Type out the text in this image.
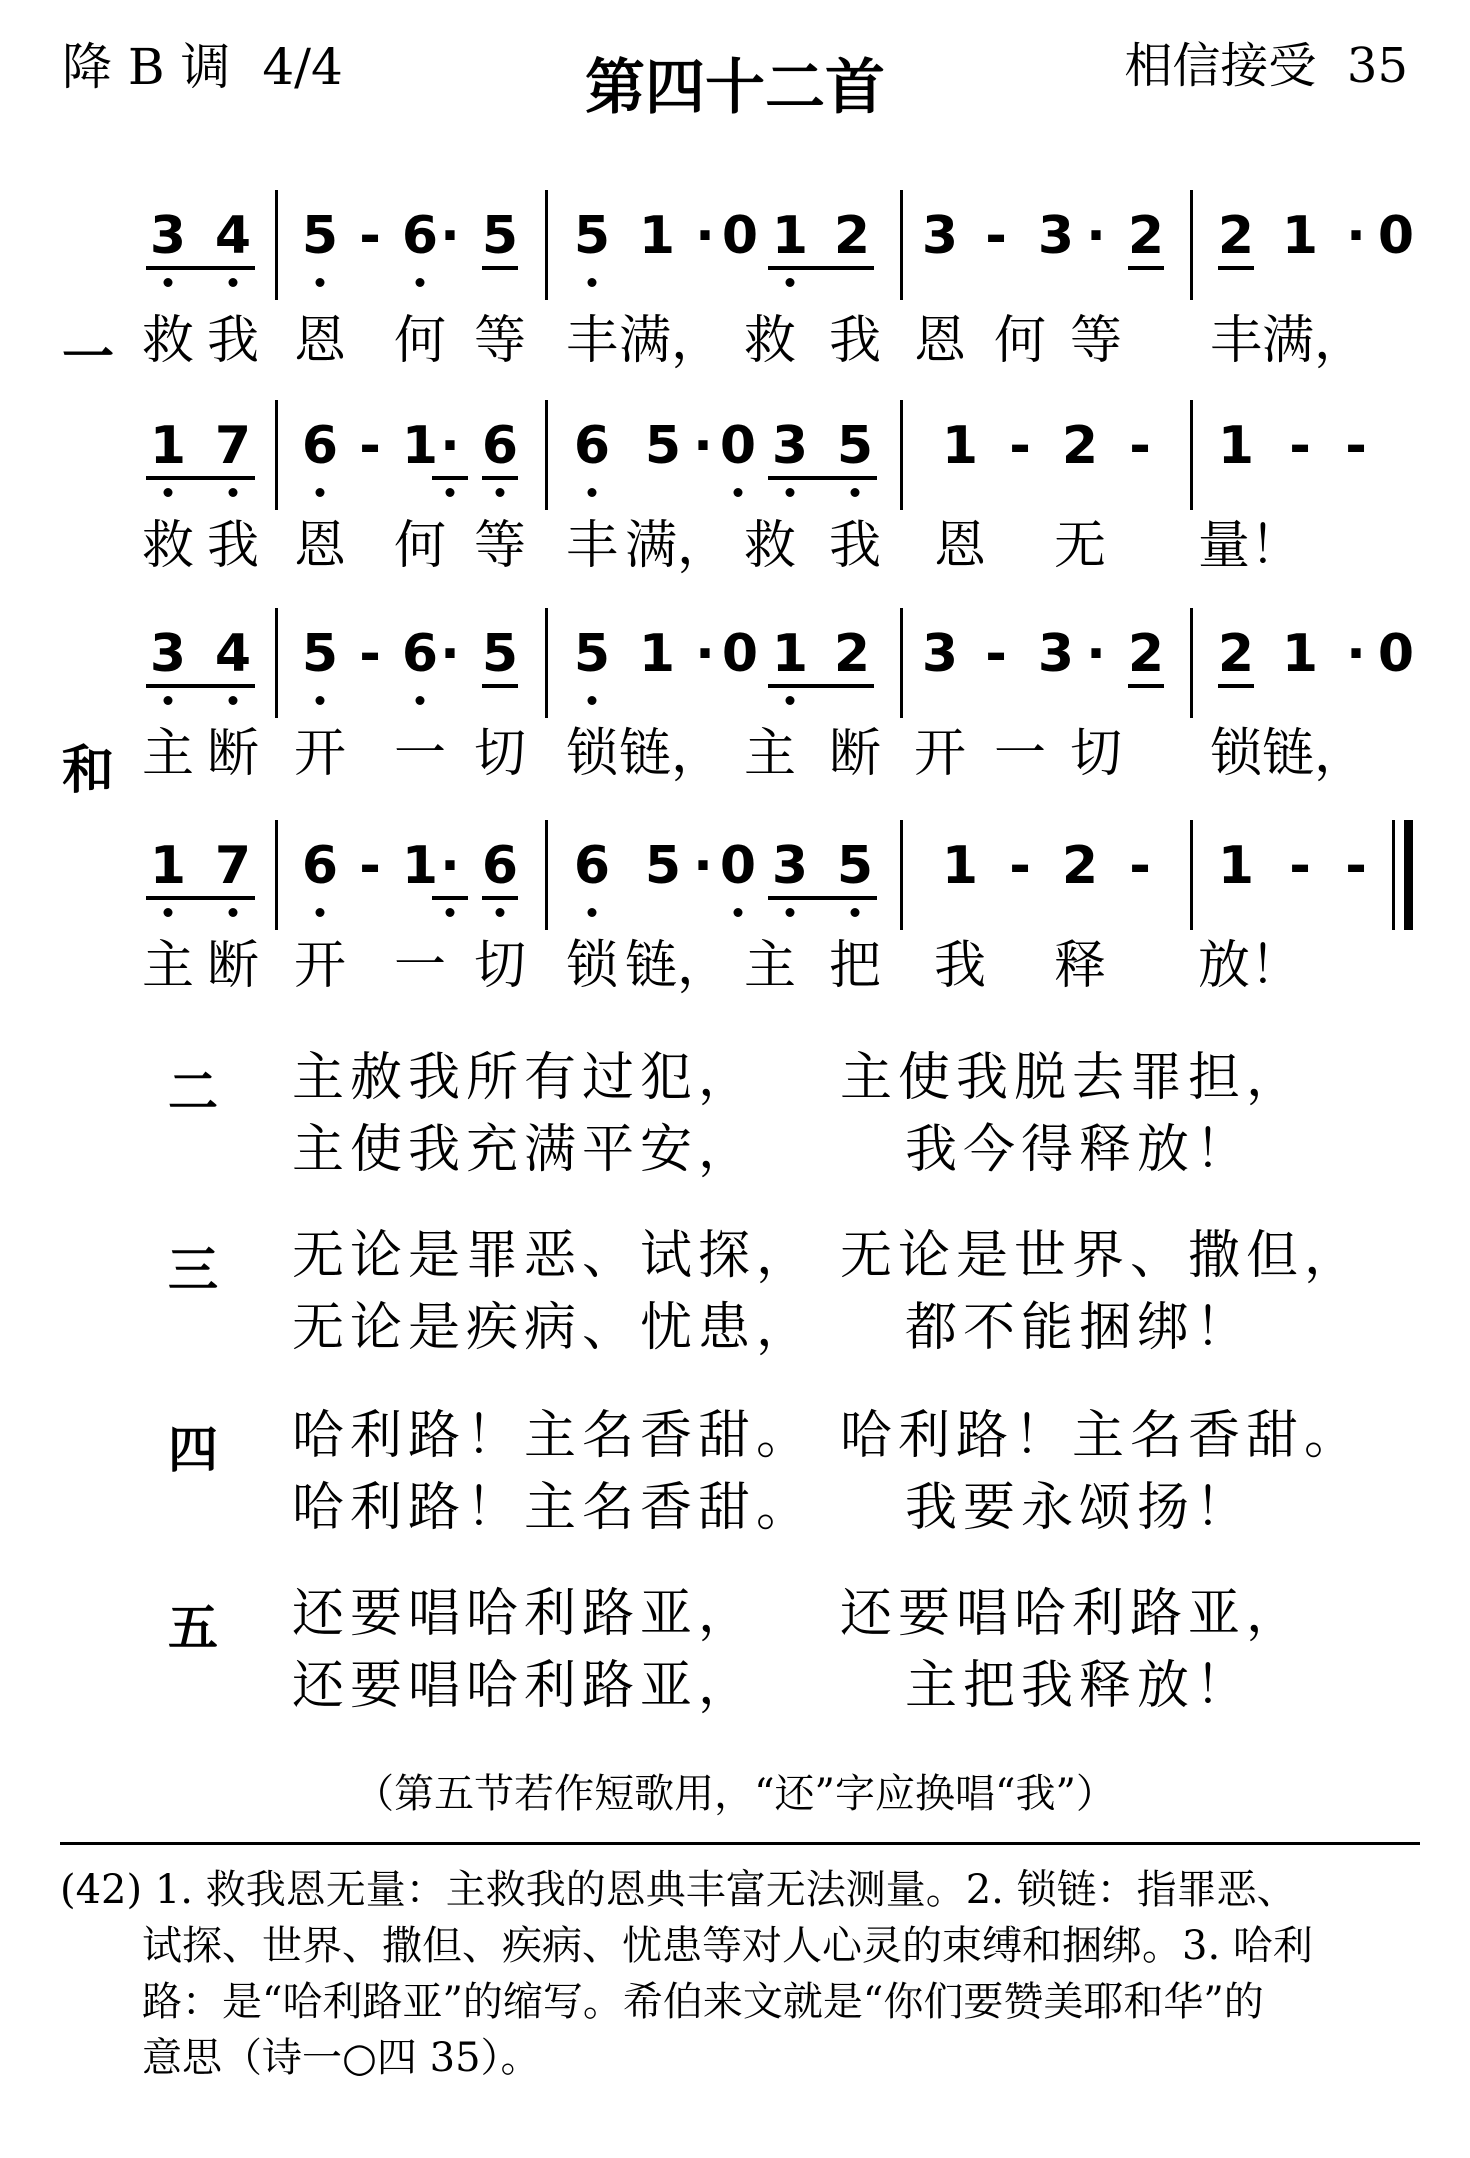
降 B 调  4/4	第四十二首	相信接受  35
3 4 5 - 6 · 5 5 1 · 0 1 2 3 - 3 · 2 2 1 · 0
1 7 6 - 1 · 6 6 5 · 0 3 5 1 - 2 - 1 - -
3 4 5 - 6 · 5 5 1 · 0 1 2 3 - 3 · 2 2 1 · 0
1 7 6 - 1 · 6 6 5 · 0 3 5 1 - 2 - 1 - -
二 主赦我所有过犯， 主使我脱去罪担，
主使我充满平安，	我今得释放！
三 无论是罪恶、试探， 无论是世界、撒但，
无论是疾病、忧患， 都不能捆绑！
四 哈利路！主名香甜。 哈利路！主名香甜。
哈利路！主名香甜。 我要永颂扬！
五 还要唱哈利路亚， 还要唱哈利路亚，
还要唱哈利路亚，	主把我释放！
（第五节若作短歌用，“还”字应换唱“我”）
(42) 1. 救我恩无量：主救我的恩典丰富无法测量。2. 锁链：指罪恶、
试探、世界、撒但、疾病、忧患等对人心灵的束缚和捆绑。3. 哈利
路：是“哈利路亚”的缩写。希伯来文就是“你们要赞美耶和华”的
意思（诗一○四 35）。
一 救 我 恩 何 等 丰 满， 救 我 恩 何 等 丰 满，
救 我 恩 何 等 丰 满， 救 我 恩 无 量！
和 主 断 开 一 切 锁 链， 主 断 开 一 切 锁 链，
主 断 开 一 切 锁 链， 主 把 我 释 放！
